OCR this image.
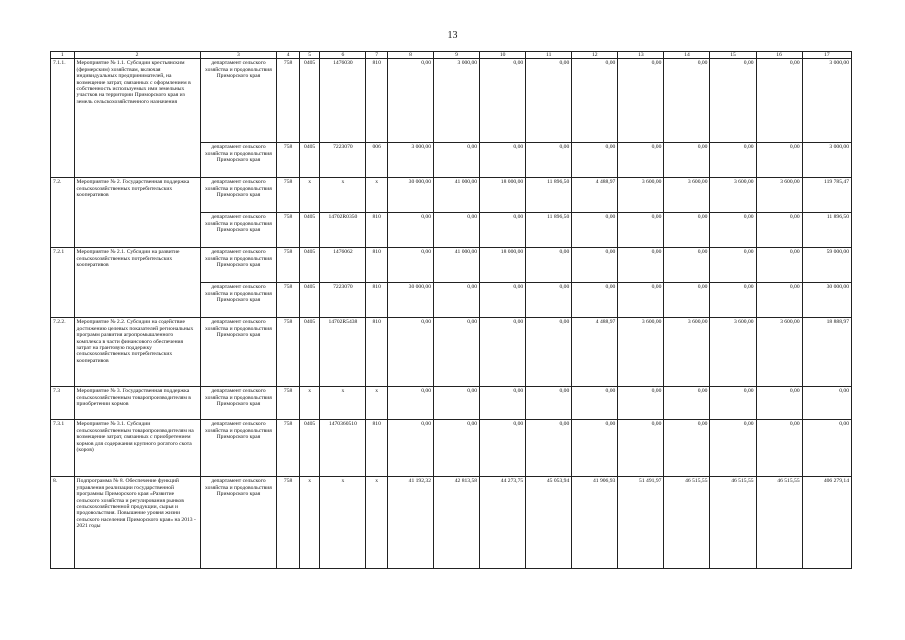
13
1	2	3	4	5	6	7	8	9	10	11	12	13	14	15	16	17
7.1.1.	Мероприятие № 1.1. Субсидии крестьянским (фермерским) хозяйствам, включая индивидуальных предпринимателей, на возмещение затрат, связанных с оформлением в собственность используемых ими земельных участков на территории Приморского края из земель сельскохозяйственного назначения	департамент сельского хозяйства и продовольствия Приморского края	758	0405	1476030	810	0,00	3 000,00	0,00	0,00	0,00	0,00	0,00	0,00	0,00	3 000,00
		департамент сельского хозяйства и продовольствия Приморского края	758	0405	7223070	006	3 000,00	0,00	0,00	0,00	0,00	0,00	0,00	0,00	0,00	3 000,00
7.2.	Мероприятие № 2. Государственная поддержка сельскохозяйственных потребительских кооперативов	департамент сельского хозяйства и продовольствия Приморского края	758	x	x	x	30 000,00	41 000,00	18 000,00	11 896,50	4 488,97	3 600,00	3 600,00	3 600,00	3 600,00	119 785,47
		департамент сельского хозяйства и продовольствия Приморского края	758	0405	14702R0350	810	0,00	0,00	0,00	11 896,50	0,00	0,00	0,00	0,00	0,00	11 896,50
7.2.1	Мероприятие № 2.1. Субсидии на развитие сельскохозяйственных потребительских кооперативов	департамент сельского хозяйства и продовольствия Приморского края	758	0405	1476062	810	0,00	41 000,00	18 000,00	0,00	0,00	0,00	0,00	0,00	0,00	59 000,00
		департамент сельского хозяйства и продовольствия Приморского края	758	0405	7223070	810	30 000,00	0,00	0,00	0,00	0,00	0,00	0,00	0,00	0,00	30 000,00
7.2.2.	Мероприятие № 2.2. Субсидии на содействие достижению целевых показателей региональных программ развития агропромышленного комплекса в части финансового обеспечения затрат на грантовую поддержку сельскохозяйственных потребительских кооперативов	департамент сельского хозяйства и продовольствия Приморского края	758	0405	14702R5438	810	0,00	0,00	0,00	0,00	4 488,97	3 600,00	3 600,00	3 600,00	3 600,00	18 888,97
7.3	Мероприятие № 3. Государственная поддержка сельскохозяйственным товаропроизводителям в приобретении кормов	департамент сельского хозяйства и продовольствия Приморского края	758	x	x	x	0,00	0,00	0,00	0,00	0,00	0,00	0,00	0,00	0,00	0,00
7.3.1	Мероприятие № 3.1. Субсидии сельскохозяйственным товаропроизводителям на возмещение затрат, связанных с приобретением кормов для содержания крупного рогатого скота (коров)	департамент сельского хозяйства и продовольствия Приморского края	758	0405	1470360510	810	0,00	0,00	0,00	0,00	0,00	0,00	0,00	0,00	0,00	0,00
8.	Подпрограмма № 8. Обеспечение функций управления реализации государственной программы Приморского края «Развитие сельского хозяйства и регулирования рынков сельскохозяйственной продукции, сырья и продовольствия. Повышение уровня жизни сельского населения Приморского края» на 2013 - 2021 годы	департамент сельского хозяйства и продовольствия Приморского края	758	x	x	x	41 192,32	42 813,58	44 273,75	45 053,94	41 906,93	51 491,97	46 515,55	46 515,55	46 515,55	406 279,14
